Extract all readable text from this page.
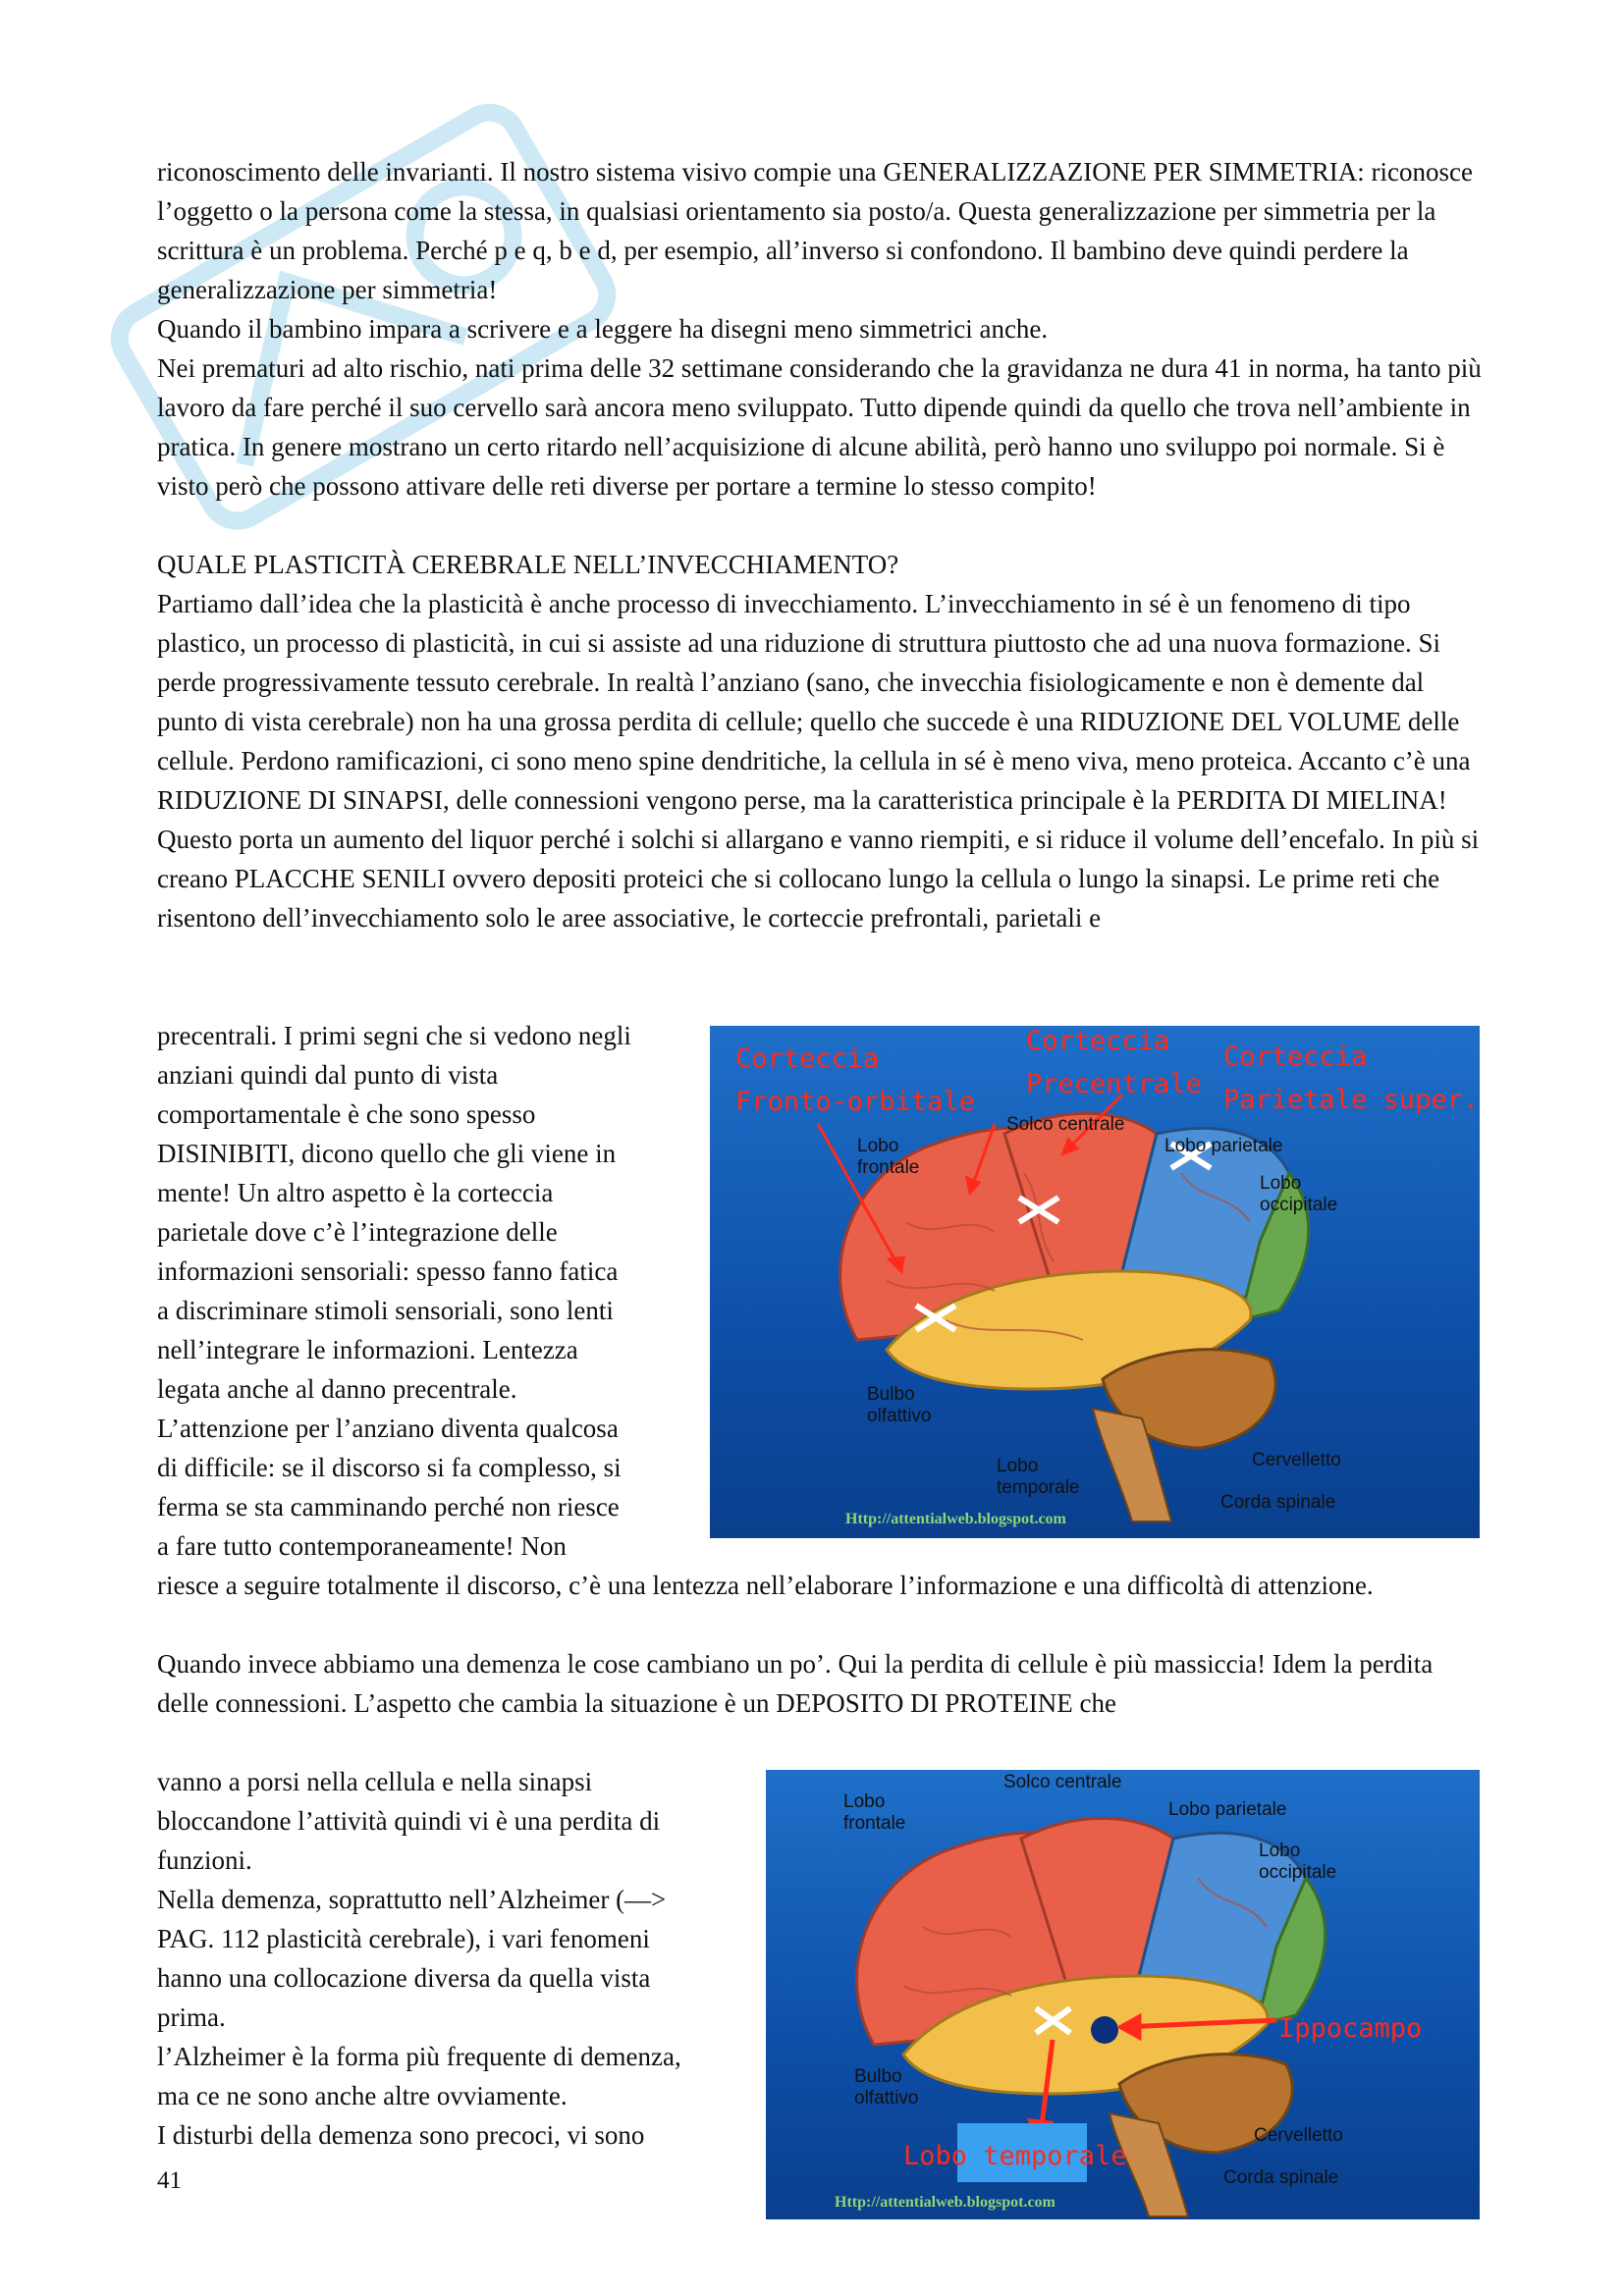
riconoscimento delle invarianti. Il nostro sistema visivo compie una GENERALIZZAZIONE PER SIMMETRIA: riconosce l’oggetto o la persona come la stessa, in qualsiasi orientamento sia posto/a. Questa generalizzazione per simmetria per la scrittura è un problema. Perché p e q, b e d, per esempio, all’inverso si confondono. Il bambino deve quindi perdere la generalizzazione per simmetria!

Quando il bambino impara a scrivere e a leggere ha disegni meno simmetrici anche.

Nei prematuri ad alto rischio, nati prima delle 32 settimane considerando che la gravidanza ne dura 41 in norma, ha tanto più lavoro da fare perché il suo cervello sarà ancora meno sviluppato. Tutto dipende quindi da quello che trova nell’ambiente in pratica. In genere mostrano un certo ritardo nell’acquisizione di alcune abilità, però hanno uno sviluppo poi normale. Si è visto però che possono attivare delle reti diverse per portare a termine lo stesso compito!

QUALE PLASTICITÀ CEREBRALE NELL’INVECCHIAMENTO?

Partiamo dall’idea che la plasticità è anche processo di invecchiamento. L’invecchiamento in sé è un fenomeno di tipo plastico, un processo di plasticità, in cui si assiste ad una riduzione di struttura piuttosto che ad una nuova formazione. Si perde progressivamente tessuto cerebrale. In realtà l’anziano (sano, che invecchia fisiologicamente e non è demente dal punto di vista cerebrale) non ha una grossa perdita di cellule; quello che succede è una RIDUZIONE DEL VOLUME delle cellule. Perdono ramificazioni, ci sono meno spine dendritiche, la cellula in sé è meno viva, meno proteica. Accanto c’è una RIDUZIONE DI SINAPSI, delle connessioni vengono perse, ma la caratteristica principale è la PERDITA DI MIELINA! Questo porta un aumento del liquor perché i solchi si allargano e vanno riempiti, e si riduce il volume dell’encefalo. In più si creano PLACCHE SENILI ovvero depositi proteici che si collocano lungo la cellula o lungo la sinapsi. Le prime reti che risentono dell’invecchiamento solo le aree associative, le corteccie prefrontali, parietali e

precentrali. I primi segni che si vedono negli
anziani quindi dal punto di vista
comportamentale è che sono spesso
DISINIBITI, dicono quello che gli viene in
mente! Un altro aspetto è la corteccia
parietale dove c’è l’integrazione delle
informazioni sensoriali: spesso fanno fatica
a discriminare stimoli sensoriali, sono lenti
nell’integrare le informazioni. Lentezza
legata anche al danno precentrale.
L’attenzione per l’anziano diventa qualcosa
di difficile: se il discorso si fa complesso, si
ferma se sta camminando perché non riesce
a fare tutto contemporaneamente! Non
Corteccia
Fronto-orbitale
Corteccia
Precentrale
Corteccia
Parietale super.
Solco centrale
Lobo
frontale
Lobo parietale
Lobo
occipitale
Bulbo
olfattivo
Lobo
temporale
Cervelletto
Corda spinale
Http://attentialweb.blogspot.com

riesce a seguire totalmente il discorso, c’è una lentezza nell’elaborare l’informazione e una difficoltà di attenzione.

Quando invece abbiamo una demenza le cose cambiano un po’. Qui la perdita di cellule è più massiccia! Idem la perdita delle connessioni. L’aspetto che cambia la situazione è un DEPOSITO DI PROTEINE che

vanno a porsi nella cellula e nella sinapsi
bloccandone l’attività quindi vi è una perdita di
funzioni.
Nella demenza, soprattutto nell’Alzheimer (—>
PAG. 112 plasticità cerebrale), i vari fenomeni
hanno una collocazione diversa da quella vista
prima.
l’Alzheimer è la forma più frequente di demenza,
ma ce ne sono anche altre ovviamente.
I disturbi della demenza sono precoci, vi sono
Solco centrale
Lobo
frontale
Lobo parietale
Lobo
occipitale
Bulbo
olfattivo
Cervelletto
Corda spinale
Ippocampo
Lobo temporale
Http://attentialweb.blogspot.com
41
